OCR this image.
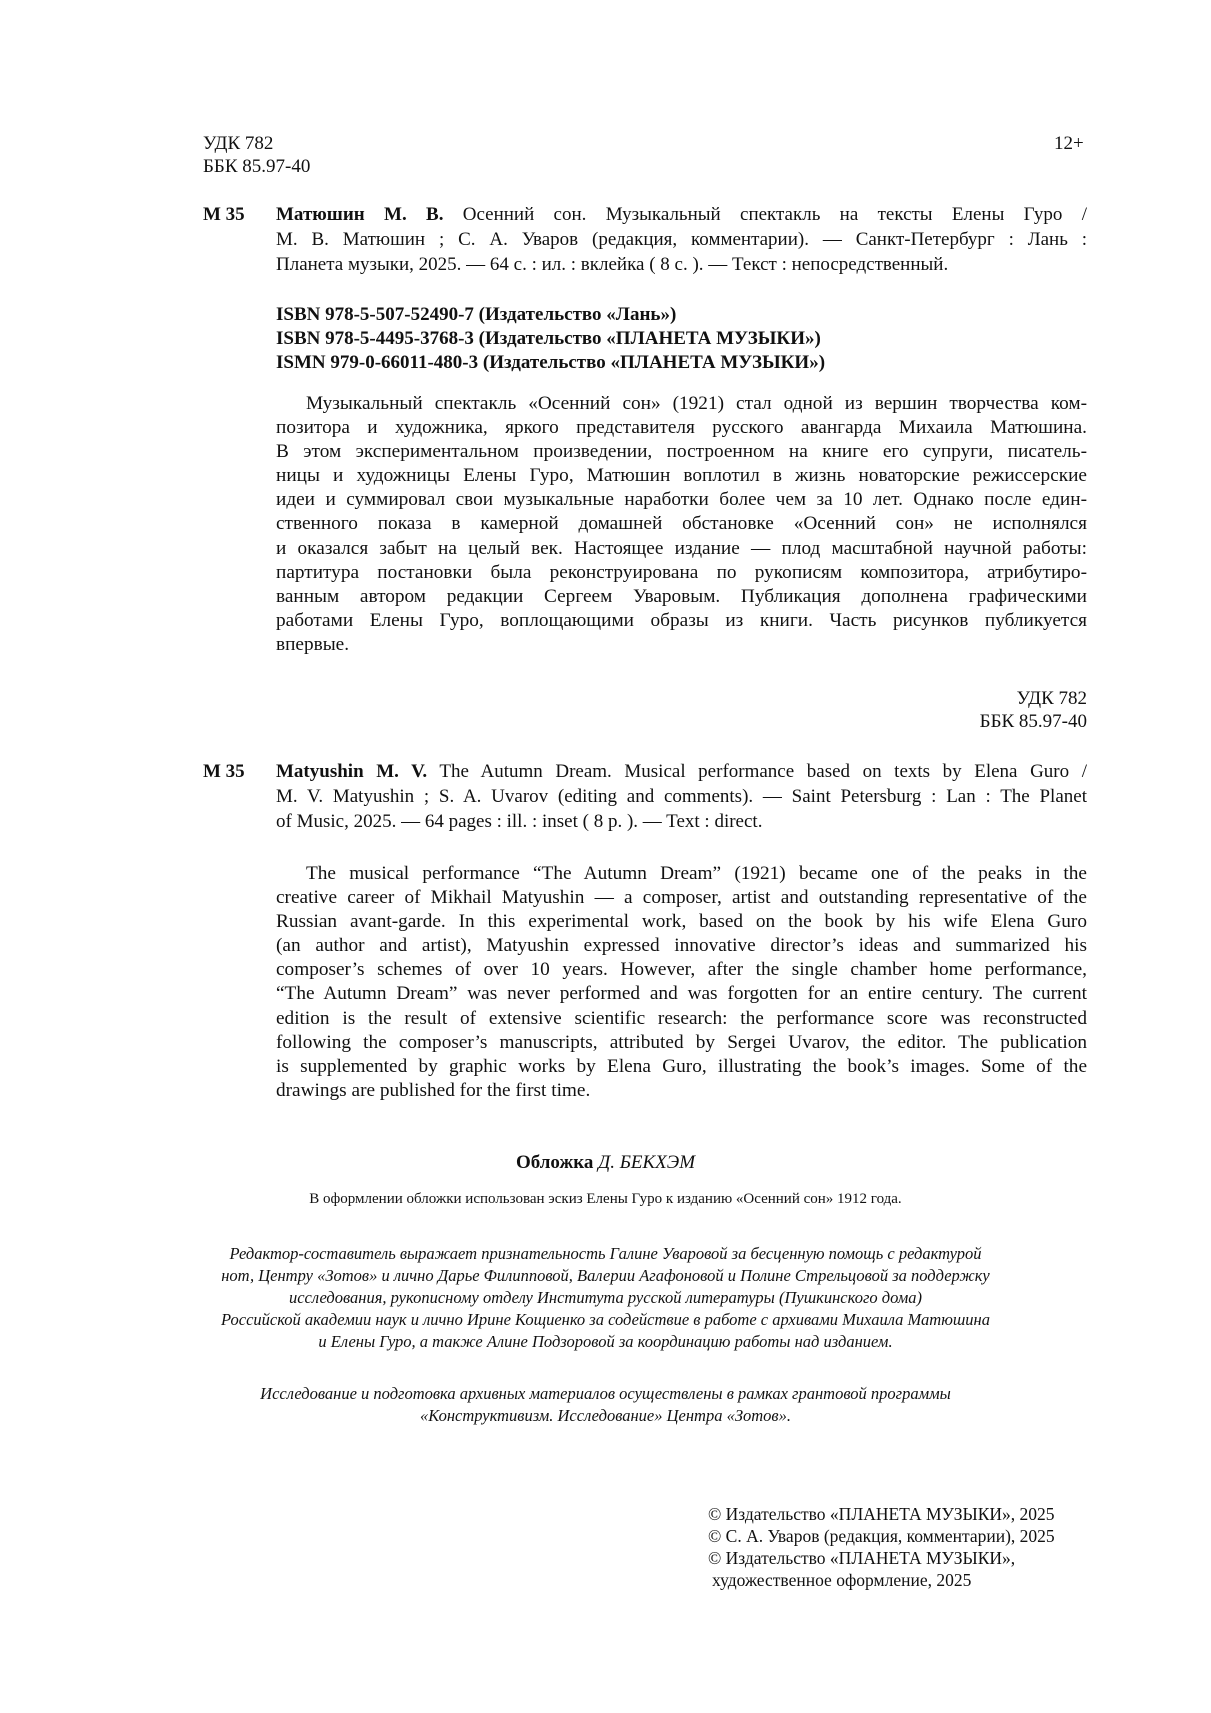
УДК 782
ББК 85.97-40
12+
М 35 Матюшин М. В. Осенний сон. Музыкальный спектакль на тексты Елены Гуро /
М. В. Матюшин ; С. А. Уваров (редакция, комментарии). — Санкт-Петербург : Лань :
Планета музыки, 2025. — 64 с. : ил. : вклейка ( 8 с. ). — Текст : непосредственный.
ISBN 978-5-507-52490-7 (Издательство «Лань»)
ISBN 978-5-4495-3768-3 (Издательство «ПЛАНЕТА МУЗЫКИ»)
ISMN 979-0-66011-480-3 (Издательство «ПЛАНЕТА МУЗЫКИ»)
Музыкальный спектакль «Осенний сон» (1921) стал одной из вершин творчества ком-
позитора и художника, яркого представителя русского авангарда Михаила Матюшина.
В этом экспериментальном произведении, построенном на книге его супруги, писатель-
ницы и художницы Елены Гуро, Матюшин воплотил в жизнь новаторские режиссерские
идеи и суммировал свои музыкальные наработки более чем за 10 лет. Однако после един-
ственного показа в камерной домашней обстановке «Осенний сон» не исполнялся
и оказался забыт на целый век. Настоящее издание — плод масштабной научной работы:
партитура постановки была реконструирована по рукописям композитора, атрибутиро-
ванным автором редакции Сергеем Уваровым. Публикация дополнена графическими
работами Елены Гуро, воплощающими образы из книги. Часть рисунков публикуется
впервые.
УДК 782
ББК 85.97-40
М 35 Matyushin M. V. The Autumn Dream. Musical performance based on texts by Elena Guro /
M. V. Matyushin ; S. A. Uvarov (editing and comments). — Saint Petersburg : Lan : The Planet
of Music, 2025. — 64 pages : ill. : inset ( 8 p. ). — Text : direct.
The musical performance “The Autumn Dream” (1921) became one of the peaks in the
creative career of Mikhail Matyushin — a composer, artist and outstanding representative of the
Russian avant-garde. In this experimental work, based on the book by his wife Elena Guro
(an author and artist), Matyushin expressed innovative director’s ideas and summarized his
composer’s schemes of over 10 years. However, after the single chamber home performance,
“The Autumn Dream” was never performed and was forgotten for an entire century. The current
edition is the result of extensive scientific research: the performance score was reconstructed
following the composer’s manuscripts, attributed by Sergei Uvarov, the editor. The publication
is supplemented by graphic works by Elena Guro, illustrating the book’s images. Some of the
drawings are published for the first time.
Обложка Д. БЕКХЭМ
В оформлении обложки использован эскиз Елены Гуро к изданию «Осенний сон» 1912 года.
Редактор-составитель выражает признательность Галине Уваровой за бесценную помощь с редактурой
нот, Центру «Зотов» и лично Дарье Филипповой, Валерии Агафоновой и Полине Стрельцовой за поддержку
исследования, рукописному отделу Института русской литературы (Пушкинского дома)
Российской академии наук и лично Ирине Кощиенко за содействие в работе с архивами Михаила Матюшина
и Елены Гуро, а также Алине Подзоровой за координацию работы над изданием.
Исследование и подготовка архивных материалов осуществлены в рамках грантовой программы
«Конструктивизм. Исследование» Центра «Зотов».
© Издательство «ПЛАНЕТА МУЗЫКИ», 2025
© С. А. Уваров (редакция, комментарии), 2025
© Издательство «ПЛАНЕТА МУЗЫКИ»,
художественное оформление, 2025
